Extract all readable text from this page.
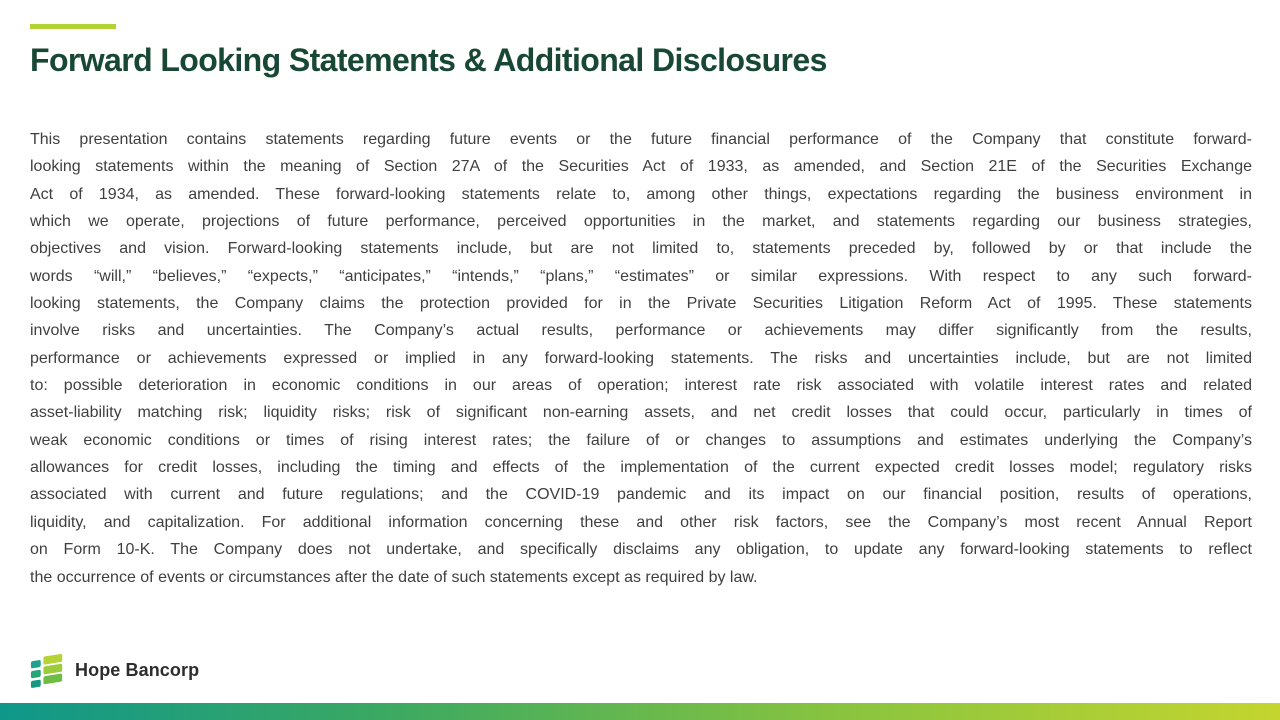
Forward Looking Statements & Additional Disclosures
This presentation contains statements regarding future events or the future financial performance of the Company that constitute forward-
looking statements within the meaning of Section 27A of the Securities Act of 1933, as amended, and Section 21E of the Securities Exchange
Act of 1934, as amended. These forward-looking statements relate to, among other things, expectations regarding the business environment in
which we operate, projections of future performance, perceived opportunities in the market, and statements regarding our business strategies,
objectives and vision. Forward-looking statements include, but are not limited to, statements preceded by, followed by or that include the
words “will,” “believes,” “expects,” “anticipates,” “intends,” “plans,” “estimates” or similar expressions. With respect to any such forward-
looking statements, the Company claims the protection provided for in the Private Securities Litigation Reform Act of 1995. These statements
involve risks and uncertainties. The Company’s actual results, performance or achievements may differ significantly from the results,
performance or achievements expressed or implied in any forward-looking statements. The risks and uncertainties include, but are not limited
to: possible deterioration in economic conditions in our areas of operation; interest rate risk associated with volatile interest rates and related
asset-liability matching risk; liquidity risks; risk of significant non-earning assets, and net credit losses that could occur, particularly in times of
weak economic conditions or times of rising interest rates; the failure of or changes to assumptions and estimates underlying the Company’s
allowances for credit losses, including the timing and effects of the implementation of the current expected credit losses model; regulatory risks
associated with current and future regulations; and the COVID-19 pandemic and its impact on our financial position, results of operations,
liquidity, and capitalization. For additional information concerning these and other risk factors, see the Company’s most recent Annual Report
on Form 10-K. The Company does not undertake, and specifically disclaims any obligation, to update any forward-looking statements to reflect
the occurrence of events or circumstances after the date of such statements except as required by law.
Hope Bancorp
